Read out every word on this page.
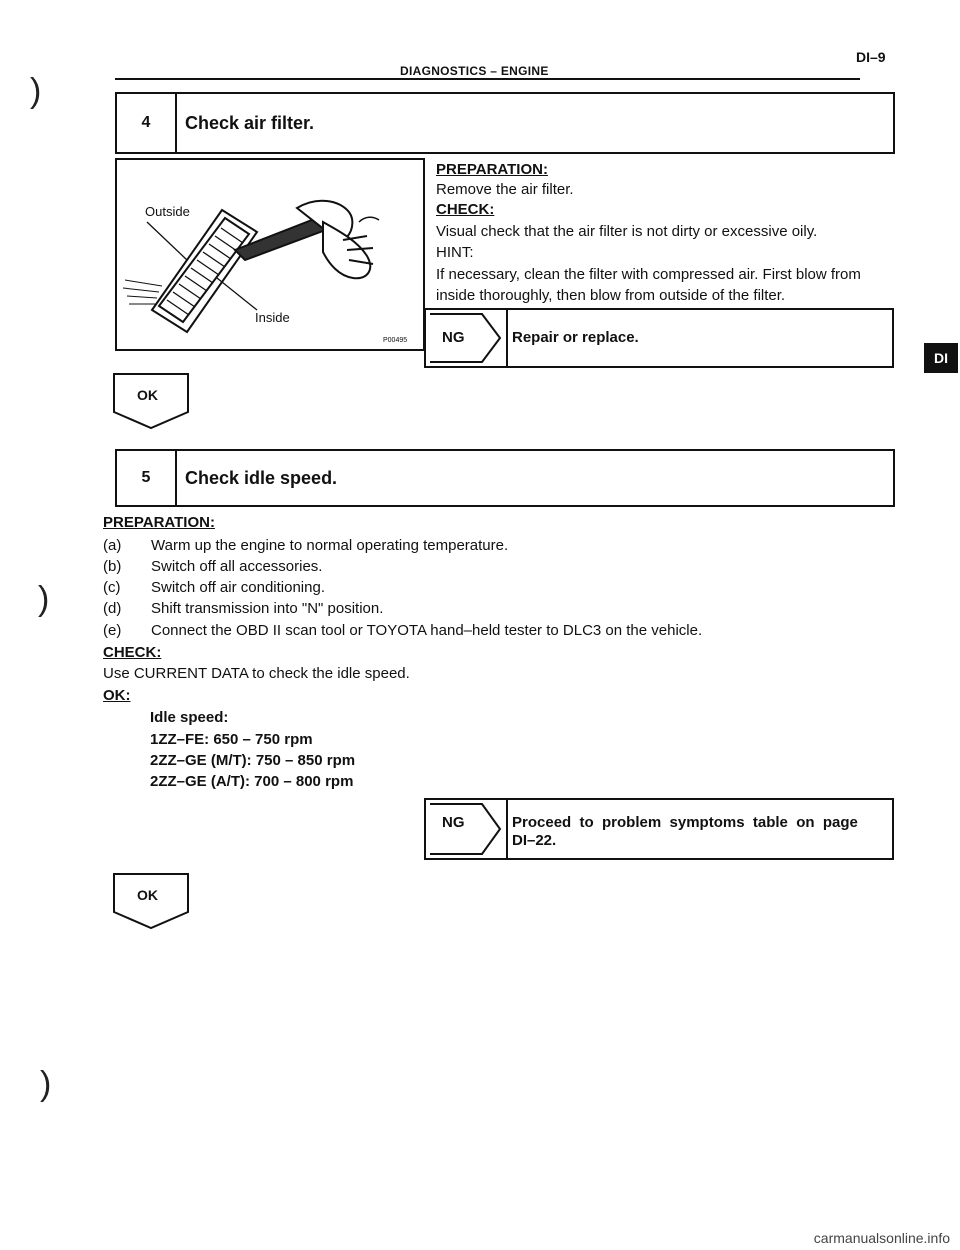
)
)
)
DIAGNOSTICS – ENGINE
DI–9
DI
4	Check air filter.
Outside
Inside
P00495
PREPARATION:
Remove the air filter.
CHECK:
Visual check that the air filter is not dirty or excessive oily.
HINT:
If necessary, clean the filter with compressed air. First blow from
inside thoroughly, then blow from outside of the filter.
NG	Repair or replace.
OK
5	Check idle speed.
PREPARATION:
(a) Warm up the engine to normal operating temperature.
(b) Switch off all accessories.
(c) Switch off air conditioning.
(d) Shift transmission into "N" position.
(e) Connect the OBD II scan tool or TOYOTA hand–held tester to DLC3 on the vehicle.
CHECK:
Use CURRENT DATA to check the idle speed.
OK:
Idle speed:
1ZZ–FE: 650 – 750 rpm
2ZZ–GE (M/T): 750 – 850 rpm
2ZZ–GE (A/T): 700 – 800 rpm
NG	Proceed  to  problem  symptoms  table  on  page
DI–22.
OK
carmanualsonline.info
